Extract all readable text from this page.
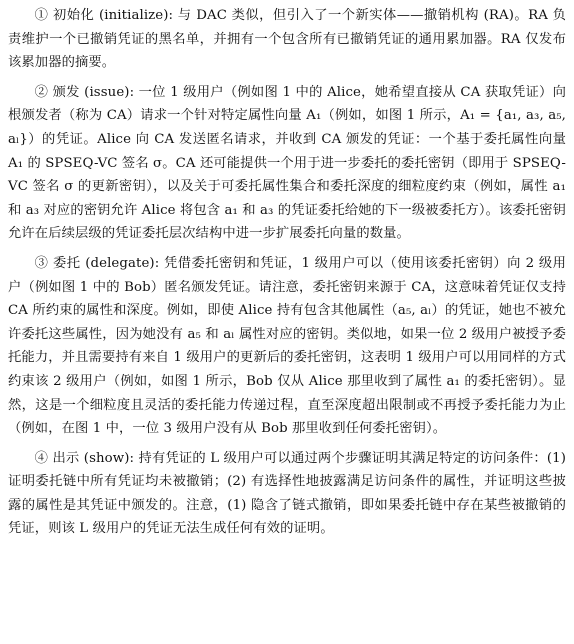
① 初始化 (initialize): 与 DAC 类似，但引入了一个新实体——撤销机构 (RA)。RA 负责维护一个已撤销凭证的黑名单，并拥有一个包含所有已撤销凭证的通用累加器。RA 仅发布该累加器的摘要。

② 颁发 (issue): 一位 1 级用户（例如图 1 中的 Alice，她希望直接从 CA 获取凭证）向根颁发者（称为 CA）请求一个针对特定属性向量 A₁（例如，如图 1 所示，A₁ = {a₁, a₃, a₅, aₗ}）的凭证。Alice 向 CA 发送匿名请求，并收到 CA 颁发的凭证：一个基于委托属性向量 A₁ 的 SPSEQ-VC 签名 σ。CA 还可能提供一个用于进一步委托的委托密钥（即用于 SPSEQ-VC 签名 σ 的更新密钥），以及关于可委托属性集合和委托深度的细粒度约束（例如，属性 a₁ 和 a₃ 对应的密钥允许 Alice 将包含 a₁ 和 a₃ 的凭证委托给她的下一级被委托方）。该委托密钥允许在后续层级的凭证委托层次结构中进一步扩展委托向量的数量。

③ 委托 (delegate): 凭借委托密钥和凭证，1 级用户可以（使用该委托密钥）向 2 级用户（例如图 1 中的 Bob）匿名颁发凭证。请注意，委托密钥来源于 CA，这意味着凭证仅支持 CA 所约束的属性和深度。例如，即使 Alice 持有包含其他属性（a₅, aₗ）的凭证，她也不被允许委托这些属性，因为她没有 a₅ 和 aₗ 属性对应的密钥。类似地，如果一位 2 级用户被授予委托能力，并且需要持有来自 1 级用户的更新后的委托密钥，这表明 1 级用户可以用同样的方式约束该 2 级用户（例如，如图 1 所示，Bob 仅从 Alice 那里收到了属性 a₁ 的委托密钥）。显然，这是一个细粒度且灵活的委托能力传递过程，直至深度超出限制或不再授予委托能力为止（例如，在图 1 中，一位 3 级用户没有从 Bob 那里收到任何委托密钥）。

④ 出示 (show): 持有凭证的 L 级用户可以通过两个步骤证明其满足特定的访问条件：(1) 证明委托链中所有凭证均未被撤销；(2) 有选择性地披露满足访问条件的属性，并证明这些披露的属性是其凭证中颁发的。注意，(1) 隐含了链式撤销，即如果委托链中存在某些被撤销的凭证，则该 L 级用户的凭证无法生成任何有效的证明。
